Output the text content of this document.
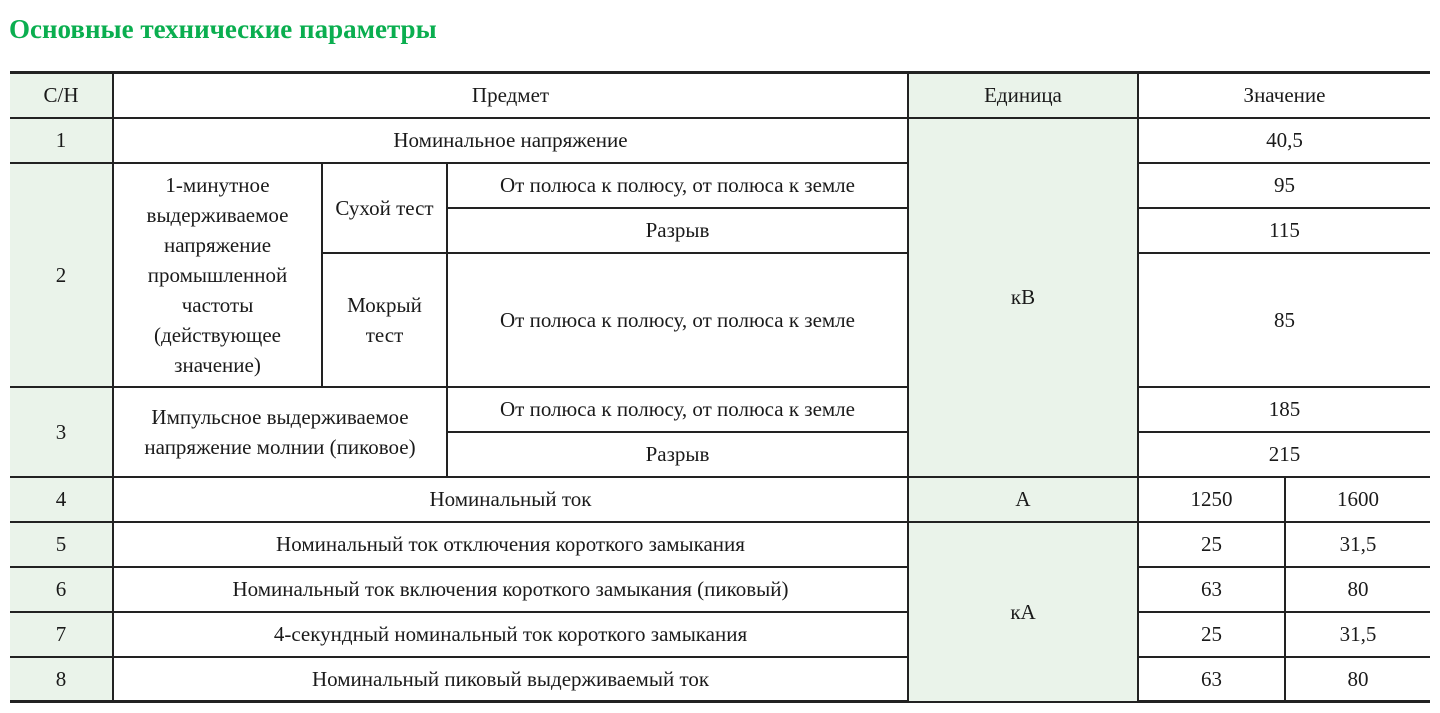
Основные технические параметры
С/Н	Предмет			Единица	Значение	
1	Номинальное напряжение			кВ	40,5	
2	1-минутное выдерживаемое напряжение промышленной частоты (действующее значение)	Сухой тест	От полюса к полюсу, от полюса к земле		95	
			Разрыв		115	
		Мокрый тест	От полюса к полюсу, от полюса к земле		85	
3	Импульсное выдерживаемое напряжение молнии (пиковое)		От полюса к полюсу, от полюса к земле		185	
			Разрыв		215	
4	Номинальный ток			А	1250	1600
5	Номинальный ток отключения короткого замыкания			кА	25	31,5
6	Номинальный ток включения короткого замыкания (пиковый)				63	80
7	4-секундный номинальный ток короткого замыкания				25	31,5
8	Номинальный пиковый выдерживаемый ток				63	80
